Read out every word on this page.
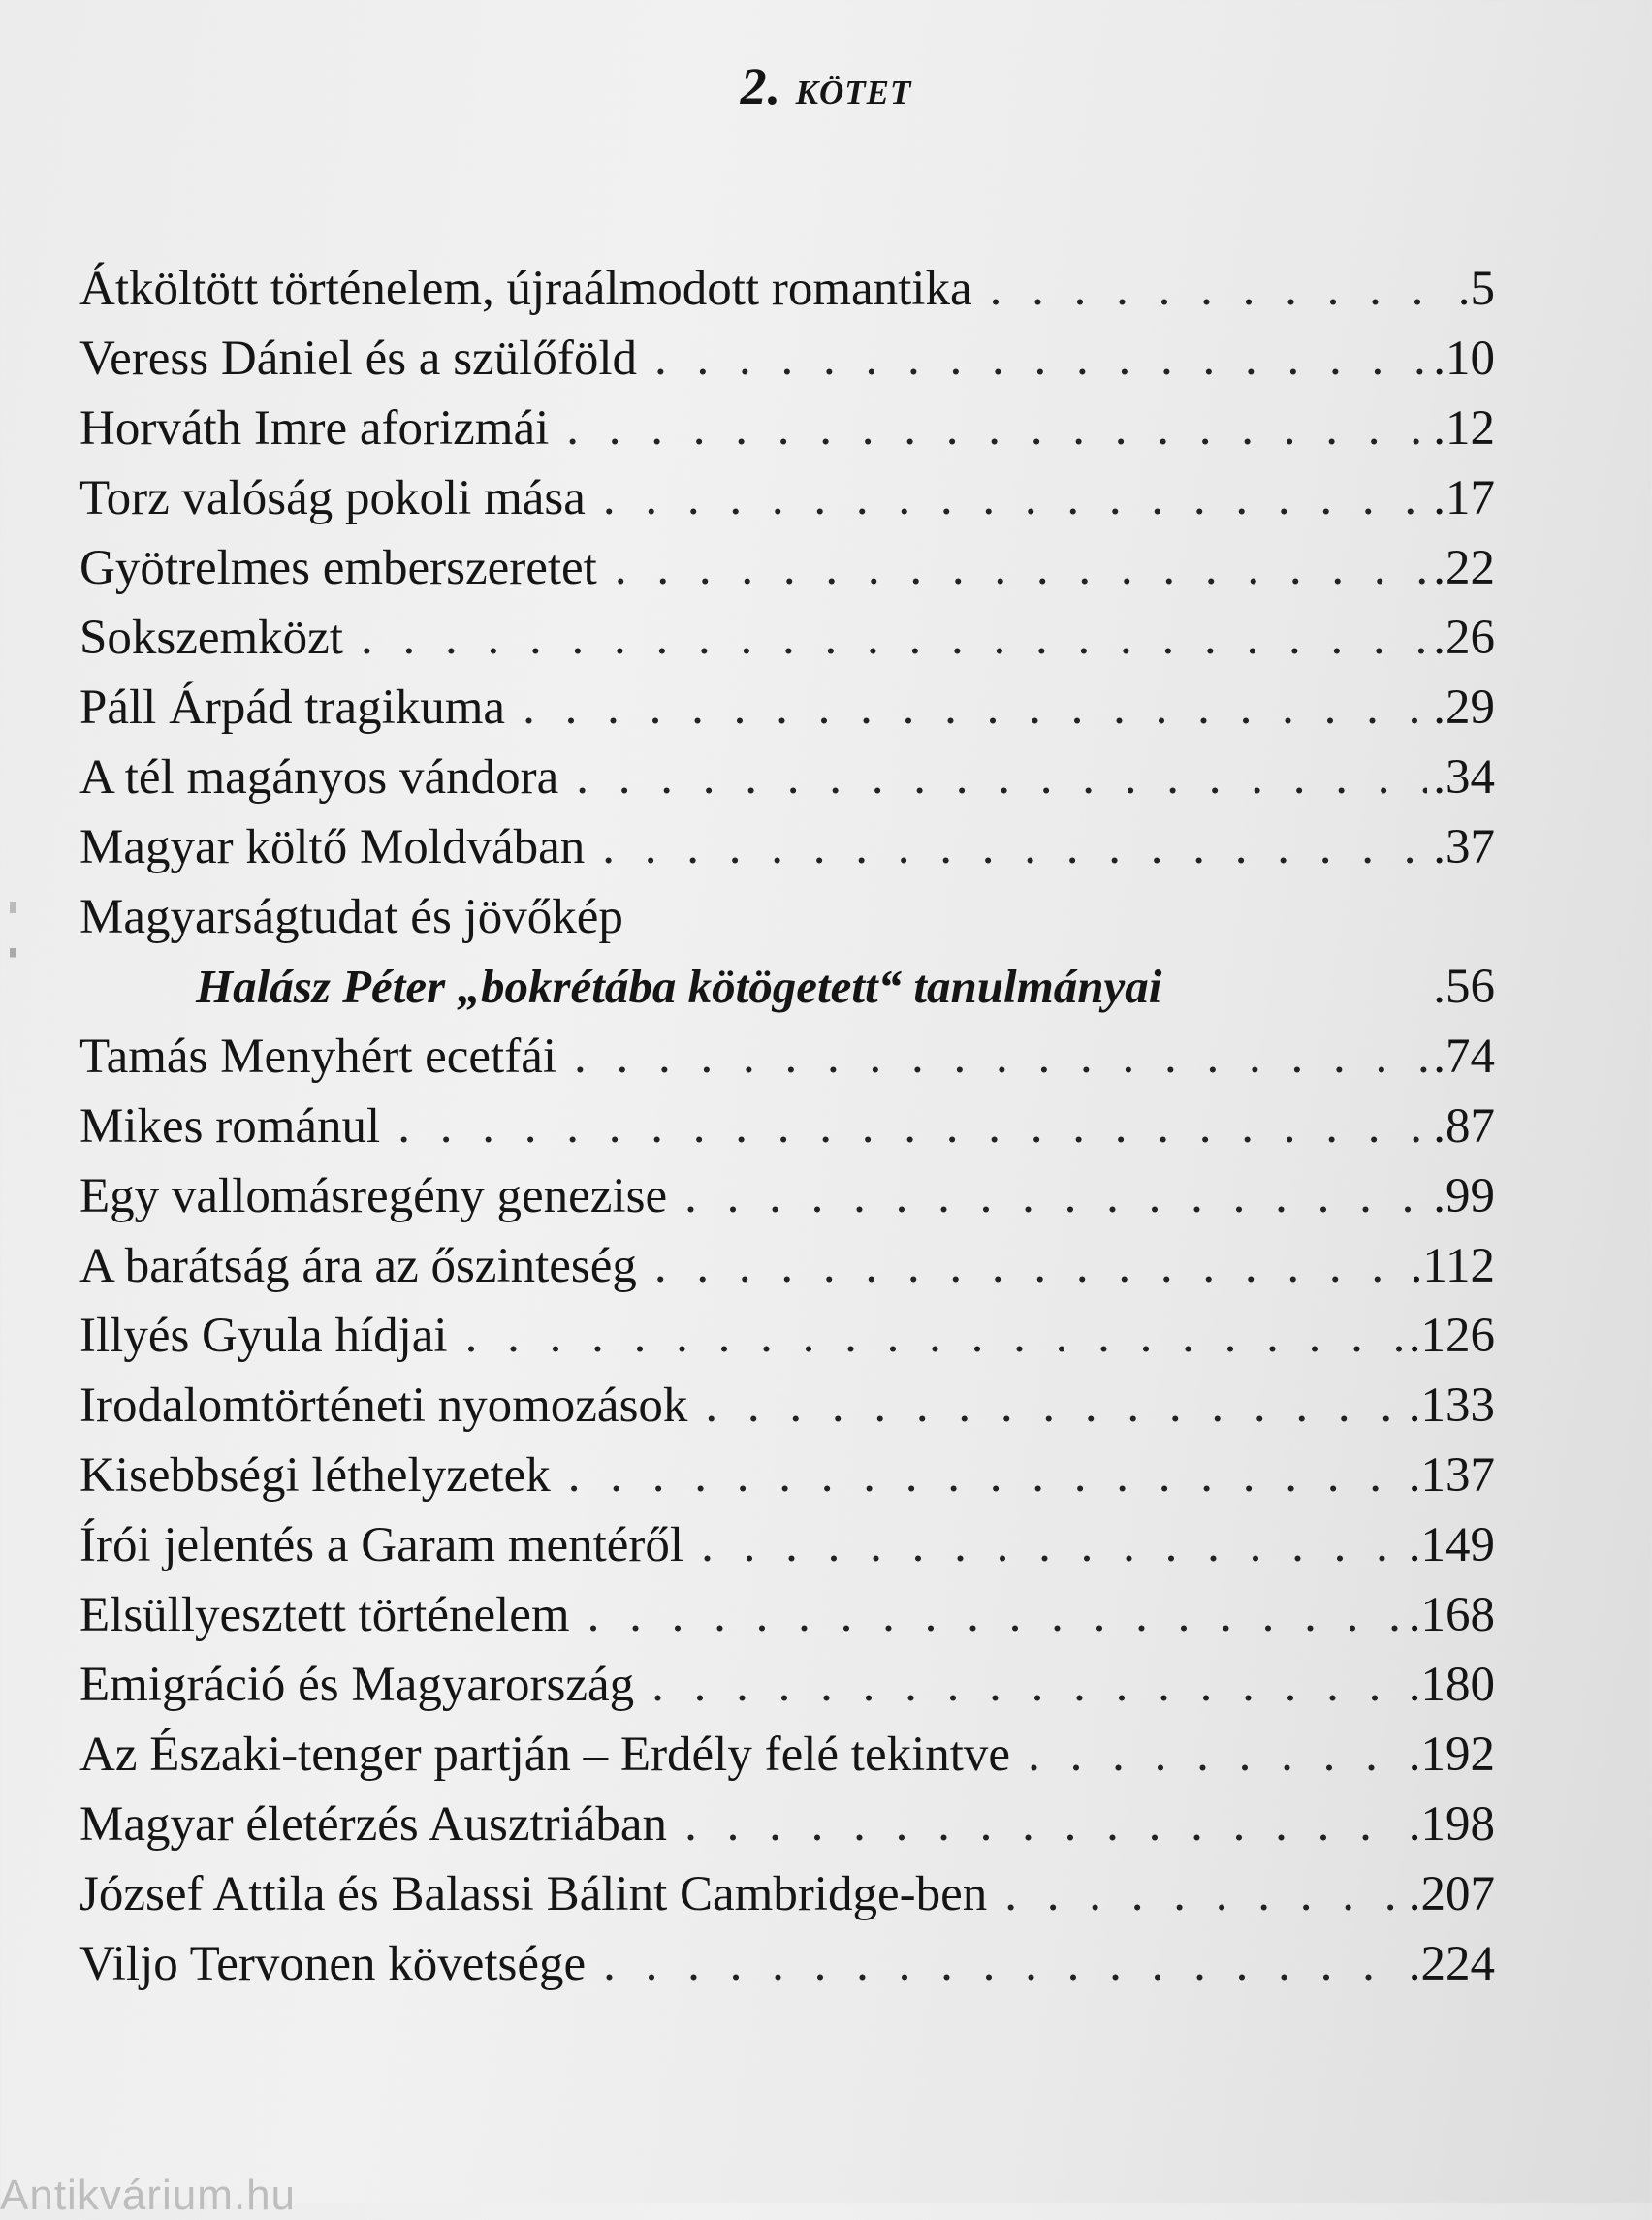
2. kötet
Átköltött történelem, újraálmodott romantika . . .	.5
Veress Dániel és a szülőföld . . .	.10
Horváth Imre aforizmái . . .	.12
Torz valóság pokoli mása . . .	.17
Gyötrelmes emberszeretet . . .	.22
Sokszemközt . . .	.26
Páll Árpád tragikuma . . .	.29
A tél magányos vándora . . .	.34
Magyar költő Moldvában . . .	.37
Magyarságtudat és jövőkép
Halász Péter „bokrétába kötögetett“ tanulmányai	.56
Tamás Menyhért ecetfái . . .	.74
Mikes románul . . .	.87
Egy vallomásregény genezise . . .	.99
A barátság ára az őszinteség . . .	.112
Illyés Gyula hídjai . . .	.126
Irodalomtörténeti nyomozások . . .	.133
Kisebbségi léthelyzetek . . .	.137
Írói jelentés a Garam mentéről . . .	.149
Elsüllyesztett történelem . . .	.168
Emigráció és Magyarország . . .	.180
Az Északi-tenger partján – Erdély felé tekintve . . .	.192
Magyar életérzés Ausztriában . . .	.198
József Attila és Balassi Bálint Cambridge-ben . . .	.207
Viljo Tervonen követsége . . .	.224
Antikvárium.hu
